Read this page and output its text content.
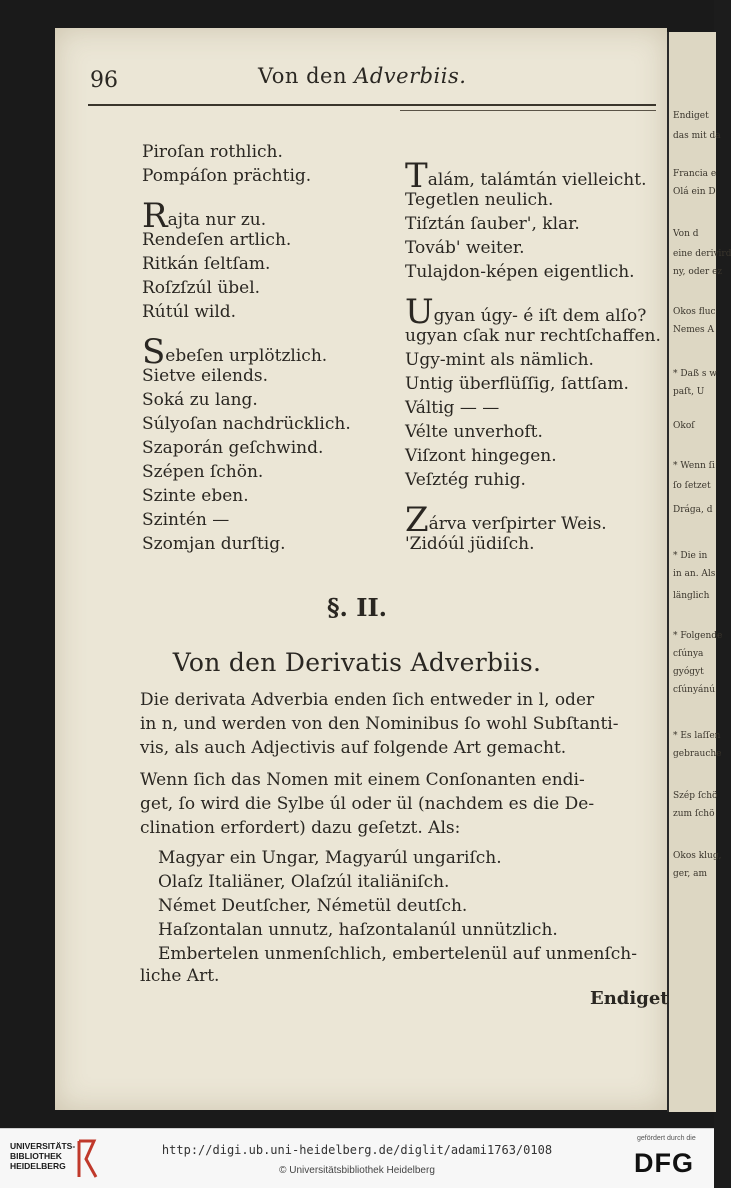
Endiget
das mit da
Francia e
Olá ein D
Von d
eine derivird
ny, oder ez
Okos fluc
Nemes A
* Daß s w
paſt, U
Okoſ
* Wenn ſi
ſo ſetzet
Drága, d
* Die in
in an. Als
länglich
* Folgende
cſúnya
gyógyt
cſúnyánú
* Es laſſen
gebrauche
Szép ſchö
zum ſchö
Okos klug,
ger, am
96	Von den Adverbiis.
Piroſan rothlich.
Pompáſon prächtig.
Rajta nur zu.
Rendeſen artlich.
Ritkán ſeltſam.
Roſzſzúl übel.
Rútúl wild.
Sebeſen urplötzlich.
Sietve eilends.
Soká zu lang.
Súlyoſan nachdrücklich.
Szaporán geſchwind.
Szépen ſchön.
Szinte eben.
Szintén —
Szomjan durſtig.
Talám, talámtán vielleicht.
Tegetlen neulich.
Tiſztán ſauber', klar.
Továb' weiter.
Tulajdon-képen eigentlich.
Ugyan úgy- é iſt dem alſo?
ugyan cſak nur rechtſchaffen.
Ugy-mint als nämlich.
Untig überflüſſig, ſattſam.
Váltig — —
Vélte unverhoft.
Viſzont hingegen.
Veſztég ruhig.
Zárva verſpirter Weis.
'Zidóúl jüdiſch.
§. II.
Von den Derivatis Adverbiis.
Die derivata Adverbia enden ſich entweder in l, oder
in n, und werden von den Nominibus ſo wohl Subſtanti-
vis, als auch Adjectivis auf folgende Art gemacht.
Wenn ſich das Nomen mit einem Conſonanten endi-
get, ſo wird die Sylbe úl oder ül (nachdem es die De-
clination erfordert) dazu geſetzt. Als:
Magyar ein Ungar, Magyarúl ungariſch.
Olaſz Italiäner, Olaſzúl italiäniſch.
Német Deutſcher, Németül deutſch.
Haſzontalan unnutz, haſzontalanúl unnützlich.
Embertelen unmenſchlich, embertelenül auf unmenſch-
liche Art.
Endiget
UNIVERSITÄTS-
BIBLIOTHEK
HEIDELBERG
http://digi.ub.uni-heidelberg.de/diglit/adami1763/0108
© Universitätsbibliothek Heidelberg
gefördert durch die
DFG
